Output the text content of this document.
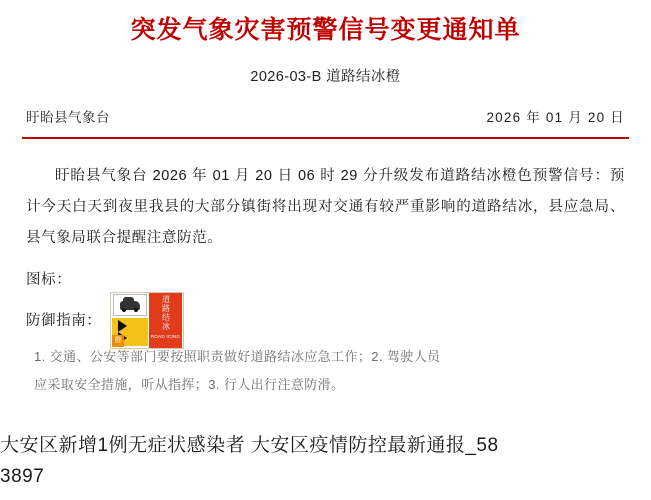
突发气象灾害预警信号变更通知单
2026-03-B 道路结冰橙
盱眙县气象台	2026 年 01 月 20 日
盱眙县气象台 2026 年 01 月 20 日 06 时 29 分升级发布道路结冰橙色预警信号：预计今天白天到夜里我县的大部分镇街将出现对交通有较严重影响的道路结冰，县应急局、县气象局联合提醒注意防范。
图标：
橙
道路结冰
ROAD ICING
防御指南：
1. 交通、公安等部门要按照职责做好道路结冰应急工作；2. 驾驶人员
应采取安全措施，听从指挥；3. 行人出行注意防滑。
大安区新增1例无症状感染者 大安区疫情防控最新通报_58
3897
